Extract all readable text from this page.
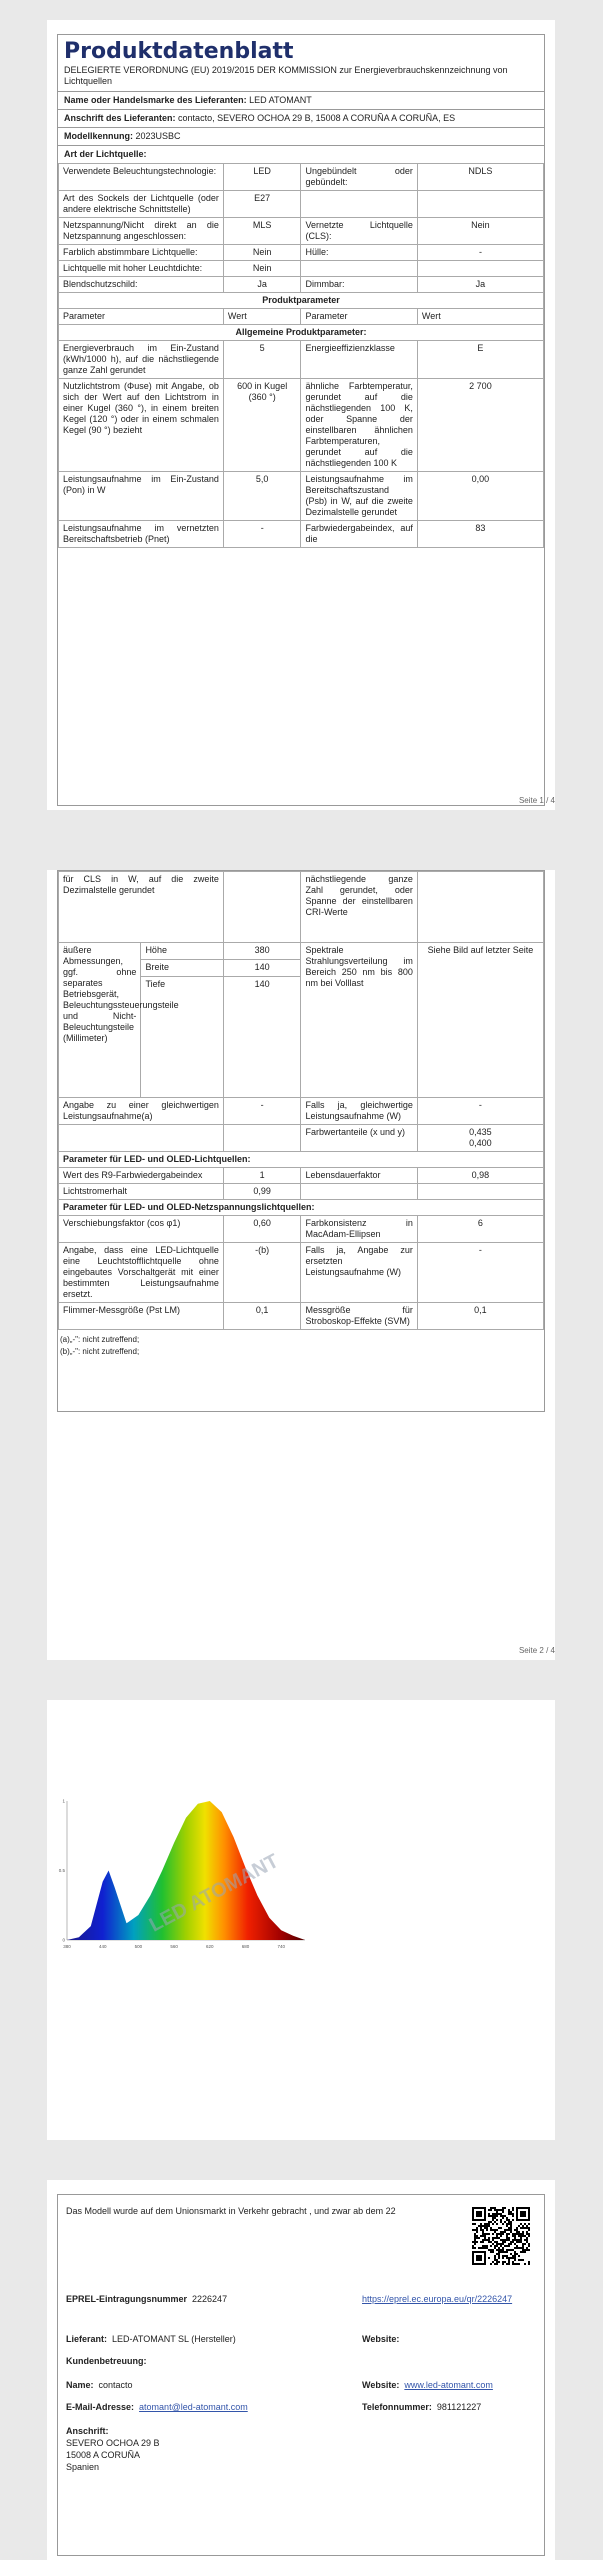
Produktdatenblatt
DELEGIERTE VERORDNUNG (EU) 2019/2015 DER KOMMISSION zur Energieverbrauchskennzeichnung von Lichtquellen
Name oder Handelsmarke des Lieferanten: LED ATOMANT
Anschrift des Lieferanten: contacto, SEVERO OCHOA 29 B, 15008 A CORUÑA A CORUÑA, ES
Modellkennung: 2023USBC
Art der Lichtquelle:
Verwendete Beleuchtungstechnologie:	LED	Ungebündelt oder gebündelt:	NDLS
Art des Sockels der Lichtquelle (oder andere elektrische Schnittstelle)	E27		
Netzspannung/Nicht direkt an die Netzspannung angeschlossen:	MLS	Vernetzte Lichtquelle (CLS):	Nein
Farblich abstimmbare Lichtquelle:	Nein	Hülle:	-
Lichtquelle mit hoher Leuchtdichte:	Nein		
Blendschutzschild:	Ja	Dimmbar:	Ja
Produktparameter			
Parameter	Wert	Parameter	Wert
Allgemeine Produktparameter:			
Energieverbrauch im Ein-Zustand (kWh/1000 h), auf die nächstliegende ganze Zahl gerundet	5	Energieeffizienzklasse	E
Nutzlichtstrom (Φuse) mit Angabe, ob sich der Wert auf den Lichtstrom in einer Kugel (360 °), in einem breiten Kegel (120 °) oder in einem schmalen Kegel (90 °) bezieht	600 in Kugel (360 °)	ähnliche Farbtemperatur, gerundet auf die nächstliegenden 100 K, oder Spanne der einstellbaren ähnlichen Farbtemperaturen, gerundet auf die nächstliegenden 100 K	2 700
Leistungsaufnahme im Ein-Zustand (Pon) in W	5,0	Leistungsaufnahme im Bereitschaftszustand (Psb) in W, auf die zweite Dezimalstelle gerundet	0,00
Leistungsaufnahme im vernetzten Bereitschaftsbetrieb (Pnet)	-	Farbwiedergabeindex, auf die	83
Seite 1 / 4
für CLS in W, auf die zweite Dezimalstelle gerundet			nächstliegende ganze Zahl gerundet, oder Spanne der einstellbaren CRI-Werte	
äußere Abmessungen, ggf. ohne separates Betriebsgerät, Beleuchtungssteuerungsteile und Nicht-Beleuchtungsteile (Millimeter)	Höhe	380	Spektrale Strahlungsverteilung im Bereich 250 nm bis 800 nm bei Volllast	Siehe Bild auf letzter Seite
	Breite	140		
	Tiefe	140		
Angabe zu einer gleichwertigen Leistungsaufnahme(a)		-	Falls ja, gleichwertige Leistungsaufnahme (W)	-
			Farbwertanteile (x und y)	0,435
0,400
Parameter für LED- und OLED-Lichtquellen:				
Wert des R9-Farbwiedergabeindex		1	Lebensdauerfaktor	0,98
Lichtstromerhalt		0,99		
Parameter für LED- und OLED-Netzspannungslichtquellen:				
Verschiebungsfaktor (cos φ1)		0,60	Farbkonsistenz in MacAdam-Ellipsen	6
Angabe, dass eine LED-Lichtquelle eine Leuchtstofflichtquelle ohne eingebautes Vorschaltgerät mit einer bestimmten Leistungsaufnahme ersetzt.		-(b)	Falls ja, Angabe zur ersetzten Leistungsaufnahme (W)	-
Flimmer-Messgröße (Pst LM)		0,1	Messgröße für Stroboskop-Effekte (SVM)	0,1
(a)„-": nicht zutreffend;
(b)„-": nicht zutreffend;
Seite 2 / 4
380	440	500	560	620	680	740
0
0.5
1
LED ATOMANT
Das Modell wurde auf dem Unionsmarkt in Verkehr gebracht , und zwar ab dem 22
EPREL-Eintragungsnummer 2226247	https://eprel.ec.europa.eu/qr/2226247
Lieferant: LED-ATOMANT SL (Hersteller)	Website:
Kundenbetreuung:
Name: contacto	Website: www.led-atomant.com
E-Mail-Adresse: atomant@led-atomant.com	Telefonnummer: 981121227
Anschrift:
SEVERO OCHOA 29 B
15008 A CORUÑA
Spanien
